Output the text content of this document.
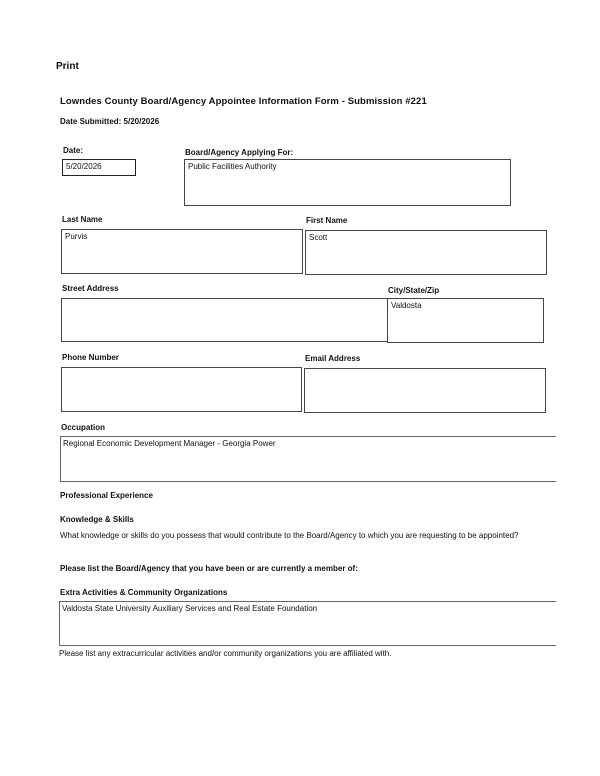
Print
Lowndes County Board/Agency Appointee Information Form - Submission #221
Date Submitted: 5/20/2026
Date:
5/20/2026
Board/Agency Applying For:
Public Facilities Authority
Last Name
Purvis
First Name
Scott
Street Address	City/State/Zip
Valdosta
Phone Number	Email Address
Occupation
Regional Economic Development Manager - Georgia Power
Professional Experience
Knowledge & Skills
What knowledge or skills do you possess that would contribute to the Board/Agency to which you are requesting to be appointed?
Please list the Board/Agency that you have been or are currently a member of:
Extra Activities & Community Organizations
Valdosta State University Auxiliary Services and Real Estate Foundation
Please list any extracurricular activities and/or community organizations you are affiliated with.
